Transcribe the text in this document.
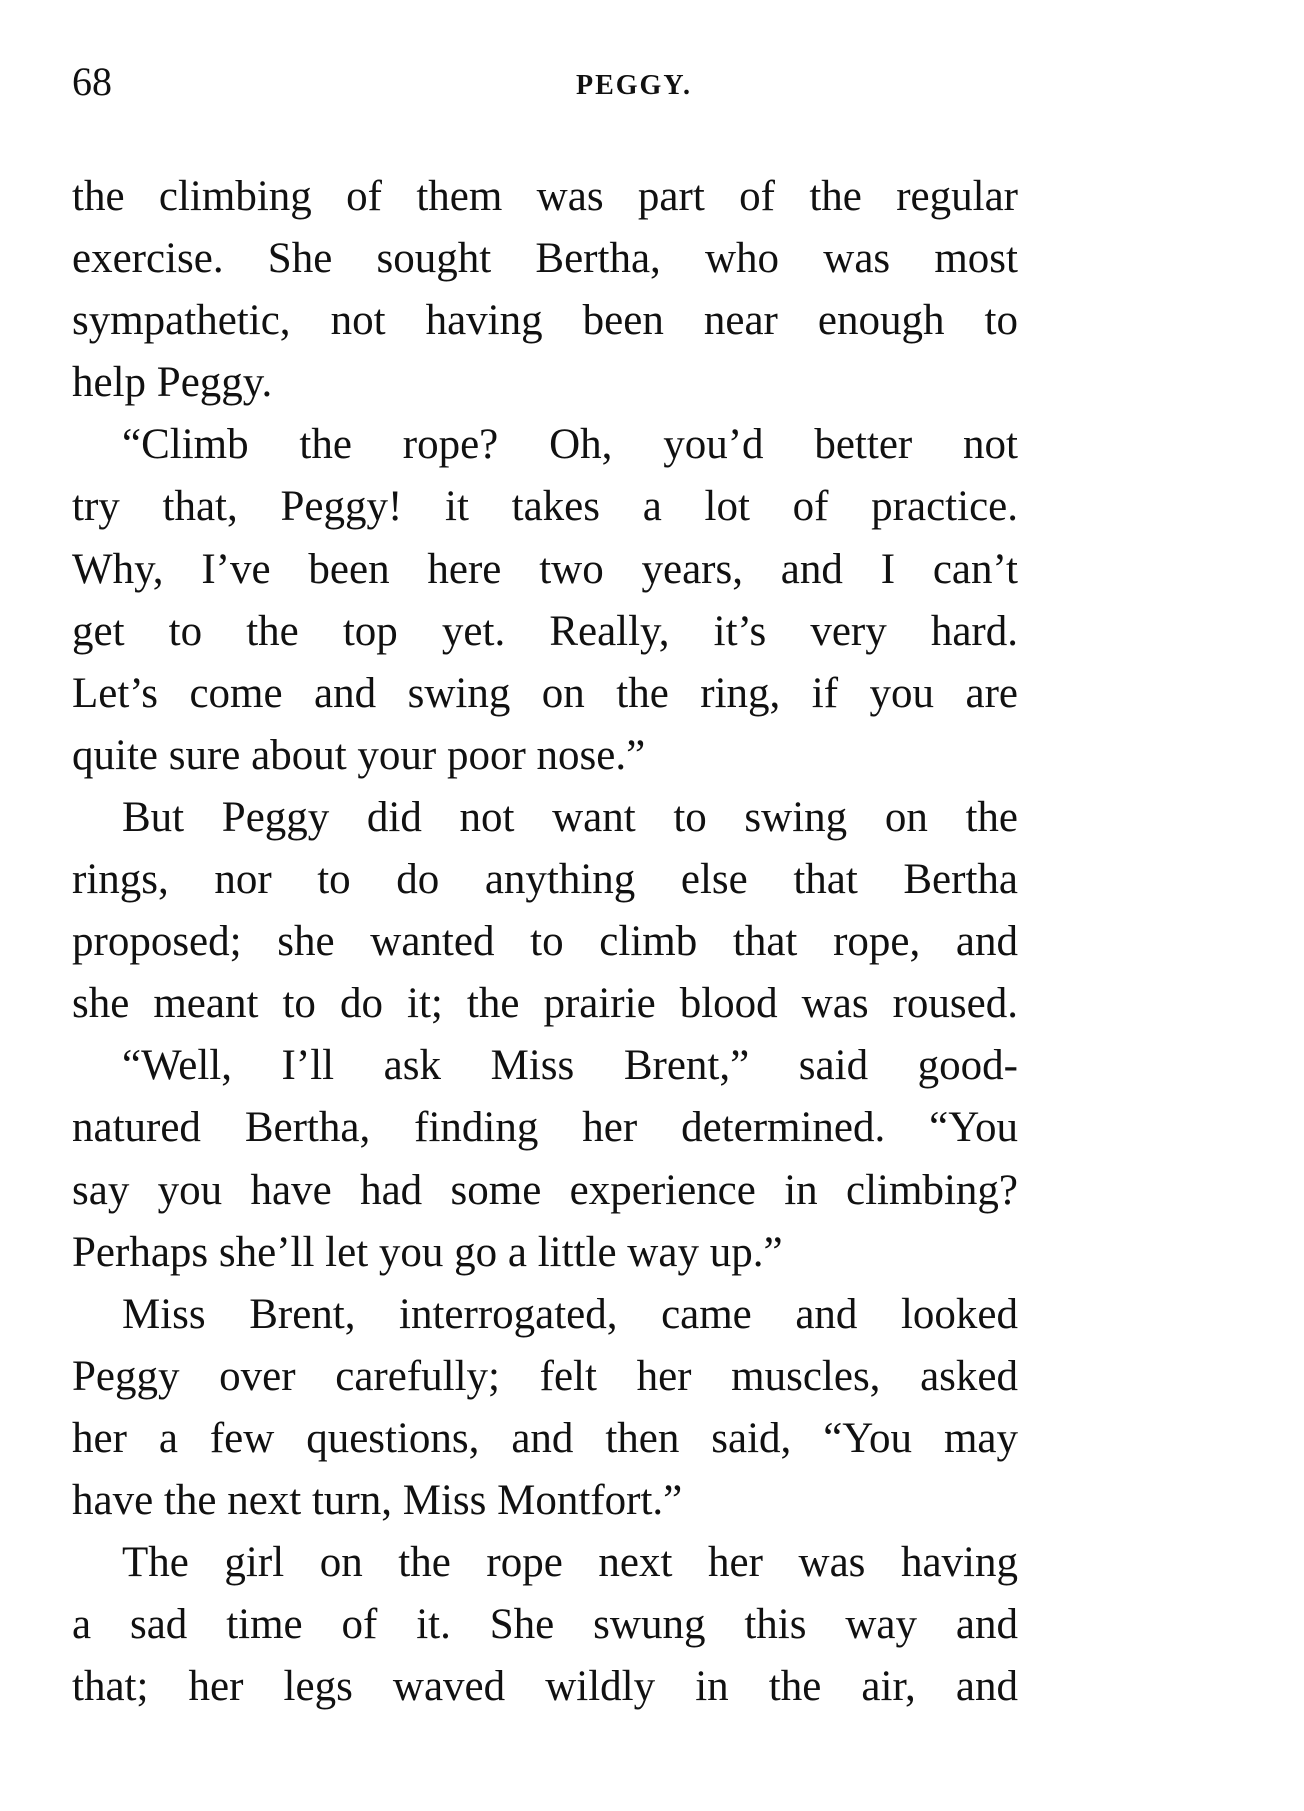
68	PEGGY.
the climbing of them was part of the regular
exercise. She sought Bertha, who was most
sympathetic, not having been near enough to
help Peggy.
“Climb the rope? Oh, you’d better not
try that, Peggy! it takes a lot of practice.
Why, I’ve been here two years, and I can’t
get to the top yet. Really, it’s very hard.
Let’s come and swing on the ring, if you are
quite sure about your poor nose.”
But Peggy did not want to swing on the
rings, nor to do anything else that Bertha
proposed; she wanted to climb that rope, and
she meant to do it; the prairie blood was roused.
“Well, I’ll ask Miss Brent,” said good-
natured Bertha, finding her determined. “You
say you have had some experience in climbing?
Perhaps she’ll let you go a little way up.”
Miss Brent, interrogated, came and looked
Peggy over carefully; felt her muscles, asked
her a few questions, and then said, “You may
have the next turn, Miss Montfort.”
The girl on the rope next her was having
a sad time of it. She swung this way and
that; her legs waved wildly in the air, and
